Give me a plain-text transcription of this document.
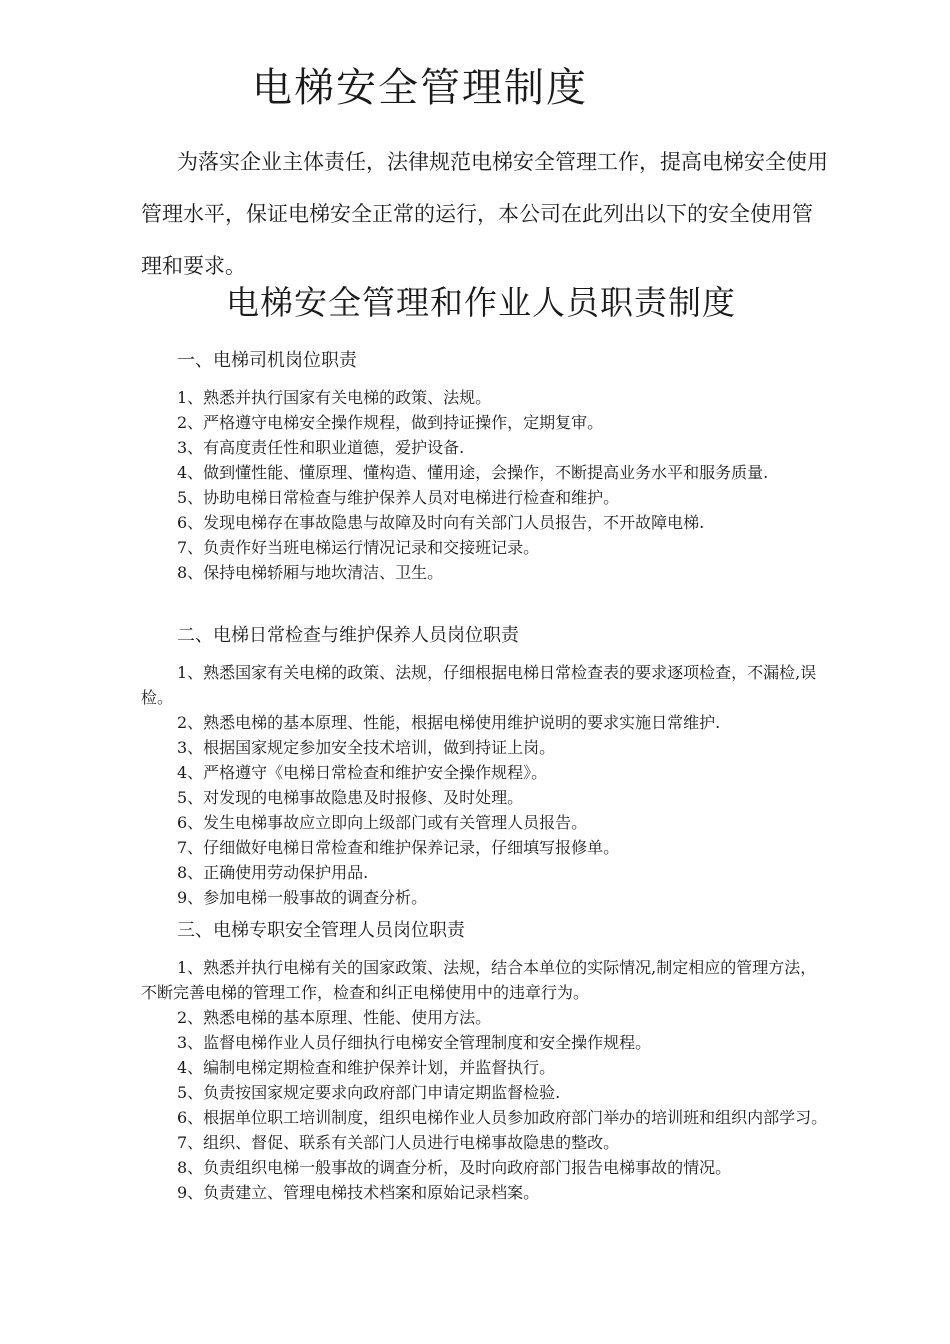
电梯安全管理制度

为落实企业主体责任，法律规范电梯安全管理工作，提高电梯安全使用管理水平，保证电梯安全正常的运行，本公司在此列出以下的安全使用管理和要求。

电梯安全管理和作业人员职责制度
一、电梯司机岗位职责
1、熟悉并执行国家有关电梯的政策、法规。
2、严格遵守电梯安全操作规程，做到持证操作，定期复审。
3、有高度责任性和职业道德，爱护设备.
4、做到懂性能、懂原理、懂构造、懂用途，会操作，不断提高业务水平和服务质量.
5、协助电梯日常检查与维护保养人员对电梯进行检查和维护。
6、发现电梯存在事故隐患与故障及时向有关部门人员报告，不开故障电梯.
7、负责作好当班电梯运行情况记录和交接班记录。
8、保持电梯轿厢与地坎清洁、卫生。
二、电梯日常检查与维护保养人员岗位职责
1、熟悉国家有关电梯的政策、法规，仔细根据电梯日常检查表的要求逐项检查，不漏检,误检。
2、熟悉电梯的基本原理、性能，根据电梯使用维护说明的要求实施日常维护.
3、根据国家规定参加安全技术培训，做到持证上岗。
4、严格遵守《电梯日常检查和维护安全操作规程》。
5、对发现的电梯事故隐患及时报修、及时处理。
6、发生电梯事故应立即向上级部门或有关管理人员报告。
7、仔细做好电梯日常检查和维护保养记录，仔细填写报修单。
8、正确使用劳动保护用品.
9、参加电梯一般事故的调查分析。
三、电梯专职安全管理人员岗位职责
1、熟悉并执行电梯有关的国家政策、法规，结合本单位的实际情况,制定相应的管理方法，不断完善电梯的管理工作，检查和纠正电梯使用中的违章行为。
2、熟悉电梯的基本原理、性能、使用方法。
3、监督电梯作业人员仔细执行电梯安全管理制度和安全操作规程。
4、编制电梯定期检查和维护保养计划，并监督执行。
5、负责按国家规定要求向政府部门申请定期监督检验.
6、根据单位职工培训制度，组织电梯作业人员参加政府部门举办的培训班和组织内部学习。
7、组织、督促、联系有关部门人员进行电梯事故隐患的整改。
8、负责组织电梯一般事故的调查分析，及时向政府部门报告电梯事故的情况。
9、负责建立、管理电梯技术档案和原始记录档案。
